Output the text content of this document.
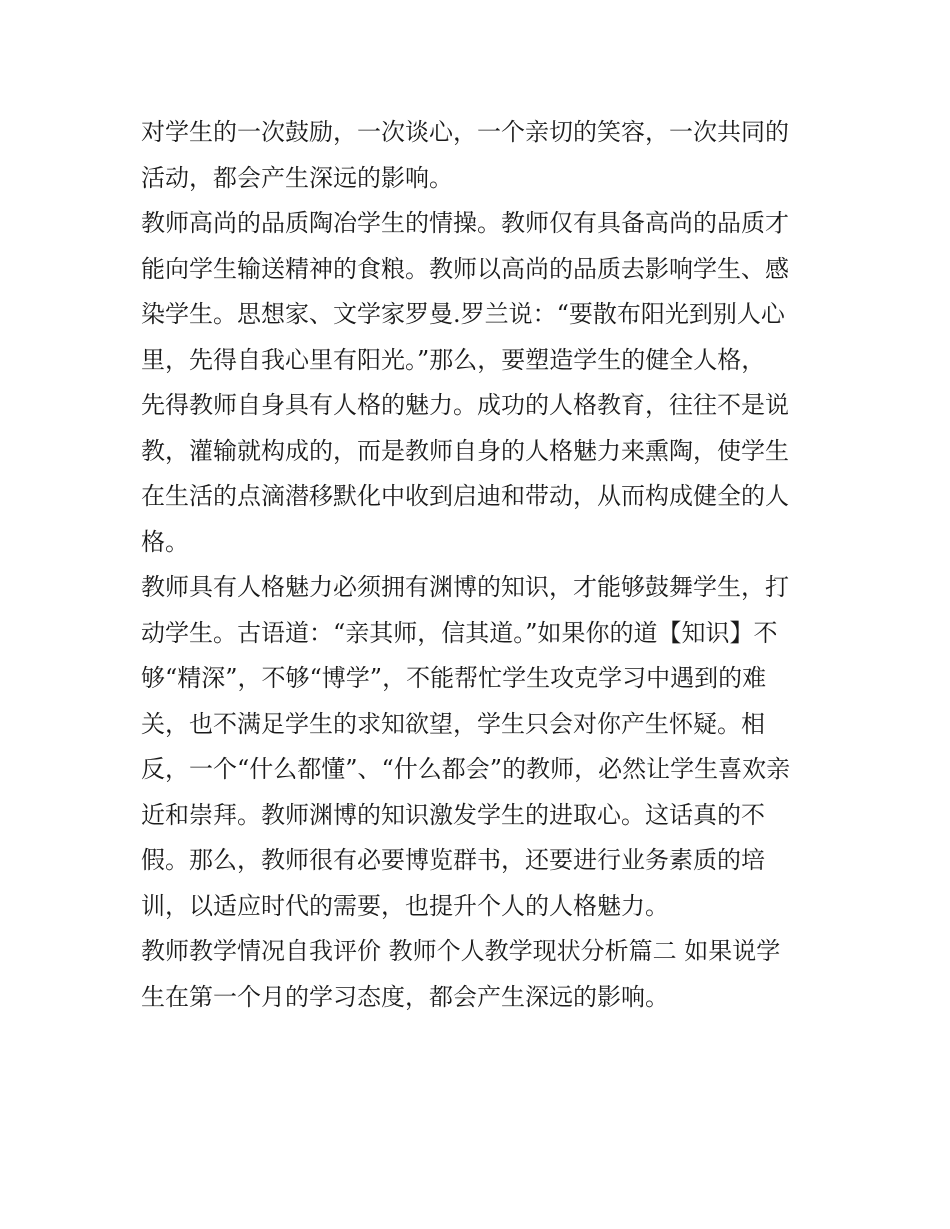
对学生的一次鼓励，一次谈心，一个亲切的笑容，一次共同的
活动，都会产生深远的影响。
教师高尚的品质陶冶学生的情操。教师仅有具备高尚的品质才
能向学生输送精神的食粮。教师以高尚的品质去影响学生、感
染学生。思想家、文学家罗曼.罗兰说：“要散布阳光到别人心
里，先得自我心里有阳光。”那么，要塑造学生的健全人格，
先得教师自身具有人格的魅力。成功的人格教育，往往不是说
教，灌输就构成的，而是教师自身的人格魅力来熏陶，使学生
在生活的点滴潜移默化中收到启迪和带动，从而构成健全的人
格。
教师具有人格魅力必须拥有渊博的知识，才能够鼓舞学生，打
动学生。古语道：“亲其师，信其道。”如果你的道【知识】不
够“精深”，不够“博学”，不能帮忙学生攻克学习中遇到的难
关，也不满足学生的求知欲望，学生只会对你产生怀疑。相
反，一个“什么都懂”、“什么都会”的教师，必然让学生喜欢亲
近和崇拜。教师渊博的知识激发学生的进取心。这话真的不
假。那么，教师很有必要博览群书，还要进行业务素质的培
训，以适应时代的需要，也提升个人的人格魅力。
教师教学情况自我评价 教师个人教学现状分析篇二 如果说学
生在第一个月的学习态度，都会产生深远的影响。
